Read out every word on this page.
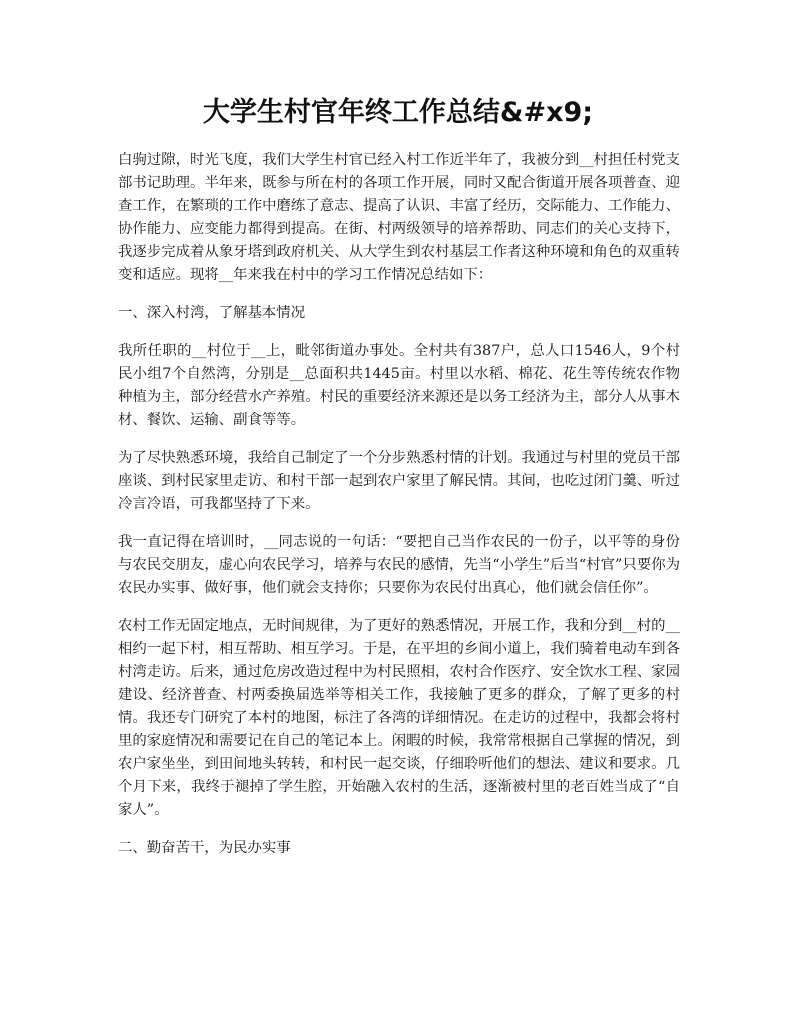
大学生村官年终工作总结&#x9;

白驹过隙，时光飞度，我们大学生村官已经入村工作近半年了，我被分到__村担任村党支部书记助理。半年来，既参与所在村的各项工作开展，同时又配合街道开展各项普查、迎查工作，在繁琐的工作中磨练了意志、提高了认识、丰富了经历，交际能力、工作能力、协作能力、应变能力都得到提高。在街、村两级领导的培养帮助、同志们的关心支持下，我逐步完成着从象牙塔到政府机关、从大学生到农村基层工作者这种环境和角色的双重转变和适应。现将__年来我在村中的学习工作情况总结如下：

一、深入村湾，了解基本情况

我所任职的__村位于__上，毗邻街道办事处。全村共有387户，总人口1546人，9个村民小组7个自然湾，分别是__总面积共1445亩。村里以水稻、棉花、花生等传统农作物种植为主，部分经营水产养殖。村民的重要经济来源还是以务工经济为主，部分人从事木材、餐饮、运输、副食等等。

为了尽快熟悉环境，我给自己制定了一个分步熟悉村情的计划。我通过与村里的党员干部座谈、到村民家里走访、和村干部一起到农户家里了解民情。其间，也吃过闭门羹、听过冷言冷语，可我都坚持了下来。

我一直记得在培训时，__同志说的一句话：“要把自己当作农民的一份子，以平等的身份与农民交朋友，虚心向农民学习，培养与农民的感情，先当“小学生”后当“村官”只要你为农民办实事、做好事，他们就会支持你；只要你为农民付出真心，他们就会信任你”。

农村工作无固定地点，无时间规律，为了更好的熟悉情况，开展工作，我和分到__村的__相约一起下村，相互帮助、相互学习。于是，在平坦的乡间小道上，我们骑着电动车到各村湾走访。后来，通过危房改造过程中为村民照相，农村合作医疗、安全饮水工程、家园建设、经济普查、村两委换届选举等相关工作，我接触了更多的群众，了解了更多的村情。我还专门研究了本村的地图，标注了各湾的详细情况。在走访的过程中，我都会将村里的家庭情况和需要记在自己的笔记本上。闲暇的时候，我常常根据自己掌握的情况，到农户家坐坐，到田间地头转转，和村民一起交谈，仔细聆听他们的想法、建议和要求。几个月下来，我终于褪掉了学生腔，开始融入农村的生活，逐渐被村里的老百姓当成了“自家人”。

二、勤奋苦干，为民办实事
